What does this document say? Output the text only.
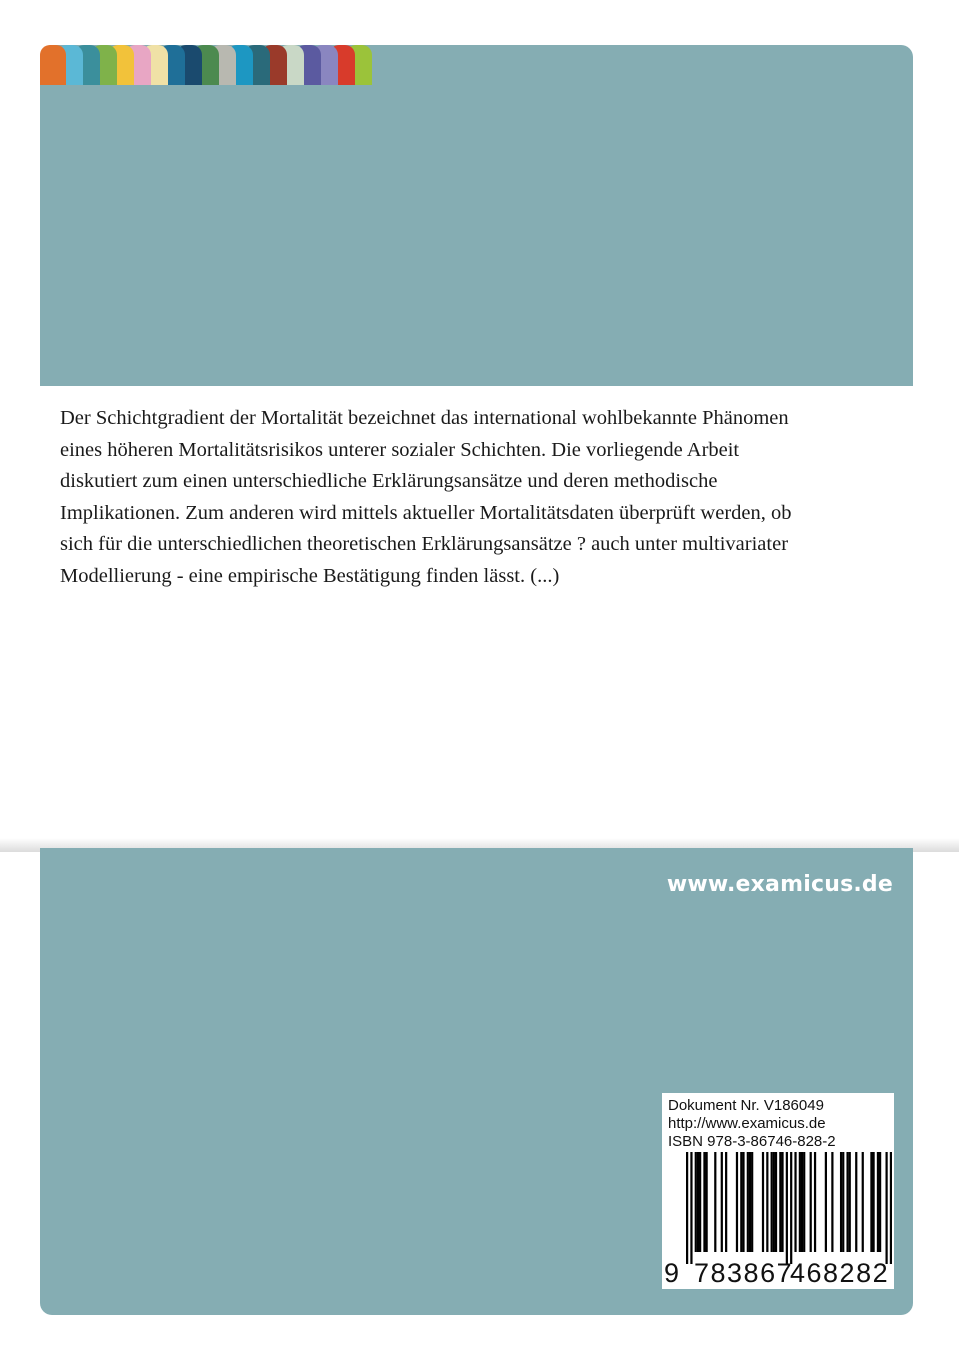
Der Schichtgradient der Mortalität bezeichnet das international wohlbekannte Phänomen eines höheren Mortalitätsrisikos unterer sozialer Schichten. Die vorliegende Arbeit diskutiert zum einen unterschiedliche Erklärungsansätze und deren methodische Implikationen. Zum anderen wird mittels aktueller Mortalitätsdaten überprüft werden, ob sich für die unterschiedlichen theoretischen Erklärungsansätze ? auch unter multivariater Modellierung - eine empirische Bestätigung finden lässt. (...)

www.examicus.de
Dokument Nr. V186049
http://www.examicus.de
ISBN 978-3-86746-828-2
9 783867
468282
